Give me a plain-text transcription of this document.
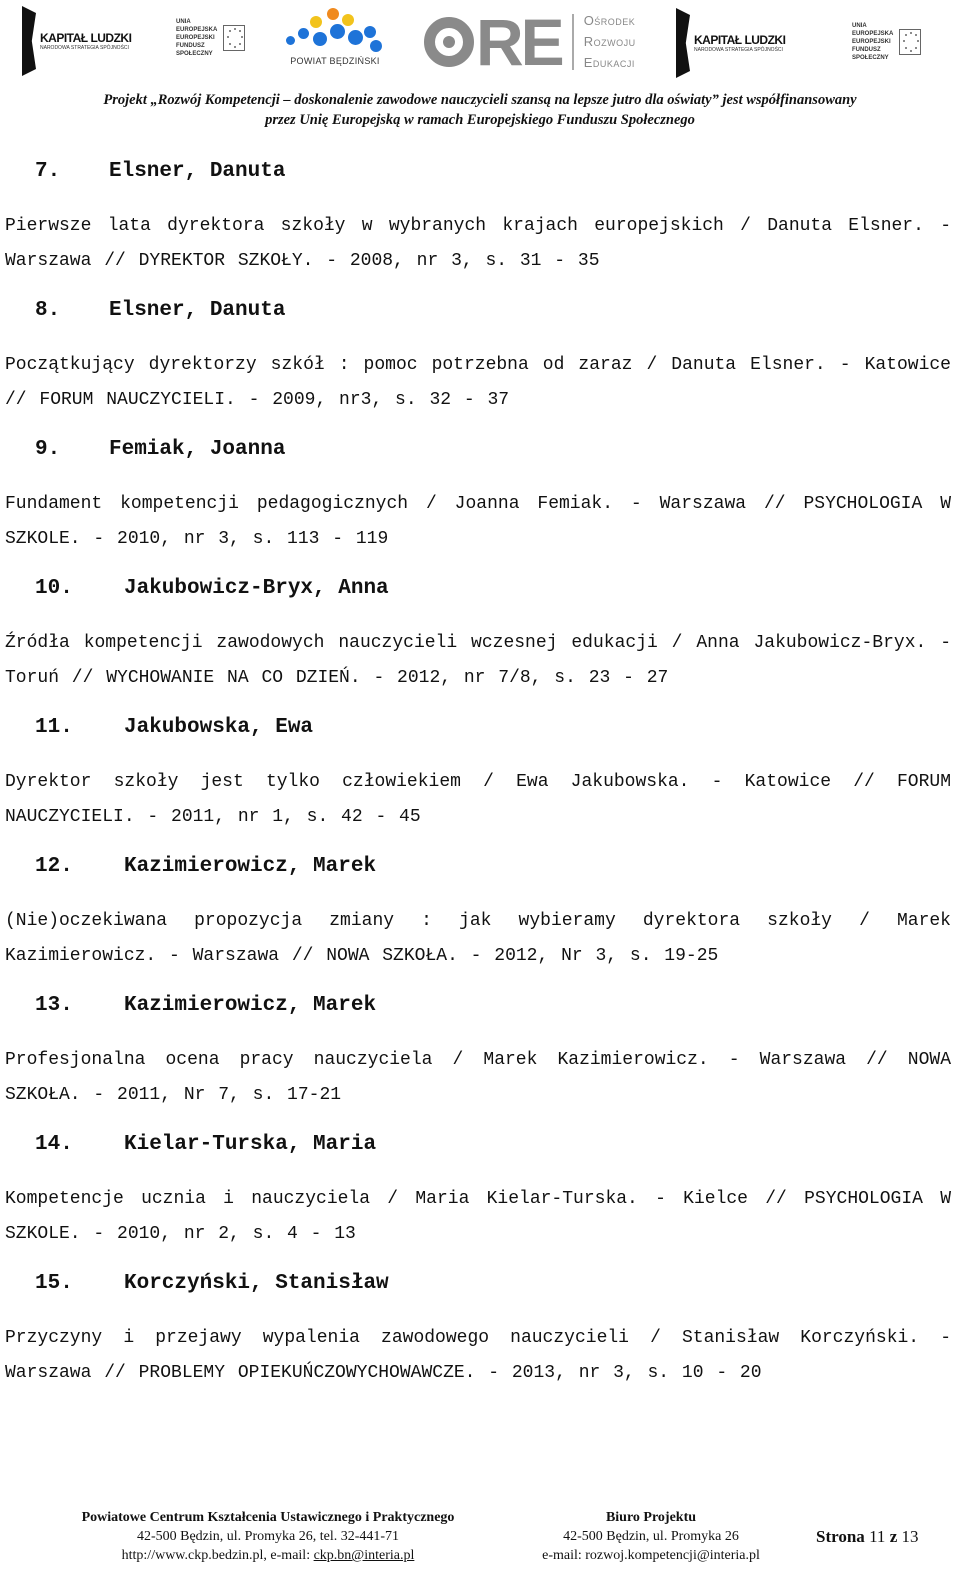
KAPITAŁ LUDZKI
NARODOWA STRATEGIA SPÓJNOŚCI
UNIA EUROPEJSKA EUROPEJSKI FUNDUSZ SPOŁECZNY
POWIAT BĘDZIŃSKI RE Ośrodek
Rozwoju
Edukacji
KAPITAŁ LUDZKI
NARODOWA STRATEGIA SPÓJNOŚCI
UNIA EUROPEJSKA EUROPEJSKI FUNDUSZ SPOŁECZNY
Projekt „Rozwój Kompetencji – doskonalenie zawodowe nauczycieli szansą na lepsze jutro dla oświaty” jest współfinansowany
przez Unię Europejską w ramach Europejskiego Funduszu Społecznego
7.	Elsner, Danuta
Pierwsze lata dyrektora szkoły w wybranych krajach europejskich / Danuta Elsner. - Warszawa // DYREKTOR SZKOŁY. - 2008, nr 3, s. 31 - 35
8.	Elsner, Danuta
Początkujący dyrektorzy szkół : pomoc potrzebna od zaraz / Danuta Elsner. - Katowice // FORUM NAUCZYCIELI. - 2009, nr3, s. 32 - 37
9.	Femiak, Joanna
Fundament kompetencji pedagogicznych / Joanna Femiak. - Warszawa // PSYCHOLOGIA W SZKOLE. - 2010, nr 3, s. 113 - 119
10.	Jakubowicz-Bryx, Anna
Źródła kompetencji zawodowych nauczycieli wczesnej edukacji / Anna Jakubowicz-Bryx. - Toruń // WYCHOWANIE NA CO DZIEŃ. - 2012, nr 7/8, s. 23 - 27
11.	Jakubowska, Ewa
Dyrektor szkoły jest tylko człowiekiem / Ewa Jakubowska. - Katowice // FORUM NAUCZYCIELI. - 2011, nr 1, s. 42 - 45
12.	Kazimierowicz, Marek
(Nie)oczekiwana propozycja zmiany : jak wybieramy dyrektora szkoły / Marek Kazimierowicz. - Warszawa // NOWA SZKOŁA. - 2012, Nr 3, s. 19-25
13.	Kazimierowicz, Marek
Profesjonalna ocena pracy nauczyciela / Marek Kazimierowicz. - Warszawa // NOWA SZKOŁA. - 2011, Nr 7, s. 17-21
14.	Kielar-Turska, Maria
Kompetencje ucznia i nauczyciela / Maria Kielar-Turska. - Kielce // PSYCHOLOGIA W SZKOLE. - 2010, nr 2, s. 4 - 13
15.	Korczyński, Stanisław
Przyczyny i przejawy wypalenia zawodowego nauczycieli / Stanisław Korczyński. - Warszawa // PROBLEMY OPIEKUŃCZOWYCHOWAWCZE. - 2013, nr 3, s. 10 - 20
Powiatowe Centrum Kształcenia Ustawicznego i Praktycznego
42-500 Będzin, ul. Promyka 26, tel. 32-441-71
http://www.ckp.bedzin.pl, e-mail: ckp.bn@interia.pl
Biuro Projektu
42-500 Będzin, ul. Promyka 26
e-mail: rozwoj.kompetencji@interia.pl
Strona 11 z 13
